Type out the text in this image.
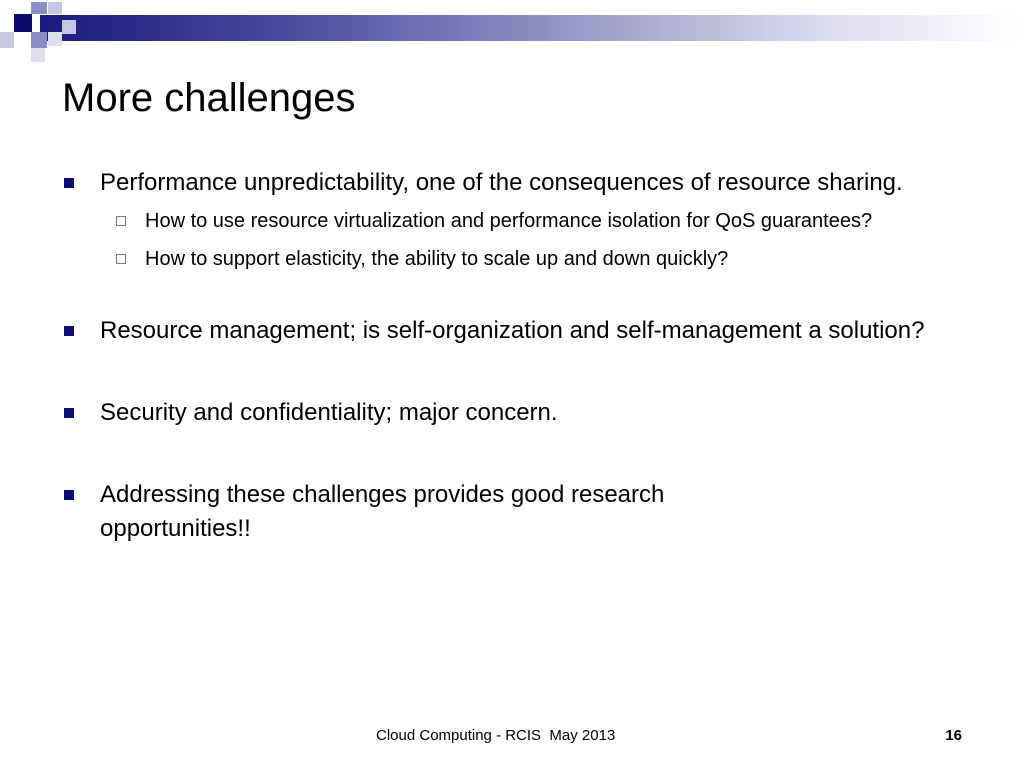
More challenges
Performance unpredictability, one of the consequences of resource sharing.
How to use resource virtualization and performance isolation for QoS guarantees?
How to support elasticity, the ability to scale up and down quickly?
Resource management; is self-organization and self-management a solution?
Security and confidentiality; major concern.
Addressing these challenges provides good research opportunities!!
Cloud Computing - RCIS  May 2013	16
